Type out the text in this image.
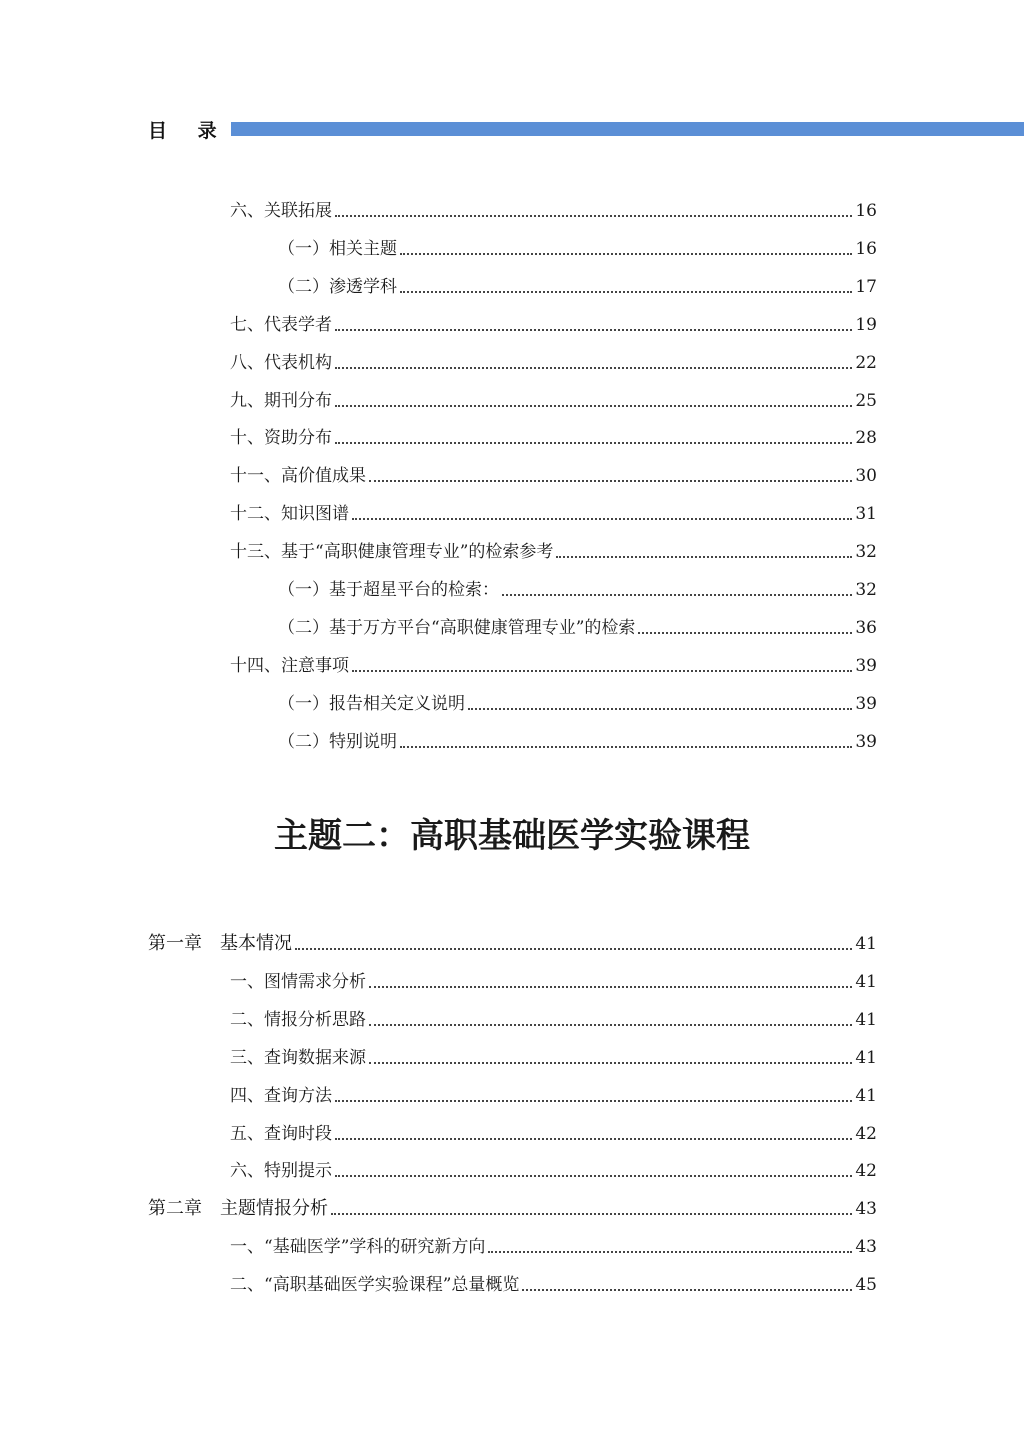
目 录
六、关联拓展	16
（一）相关主题	16
（二）渗透学科	17
七、代表学者	19
八、代表机构	22
九、期刊分布	25
十、资助分布	28
十一、高价值成果	30
十二、知识图谱	31
十三、基于“高职健康管理专业”的检索参考	32
（一）基于超星平台的检索：	32
（二）基于万方平台“高职健康管理专业”的检索	36
十四、注意事项	39
（一）报告相关定义说明	39
（二）特别说明	39
主题二：高职基础医学实验课程
第一章　基本情况	41
一、图情需求分析	41
二、情报分析思路	41
三、查询数据来源	41
四、查询方法	41
五、查询时段	42
六、特别提示	42
第二章　主题情报分析	43
一、“基础医学”学科的研究新方向	43
二、“高职基础医学实验课程”总量概览	45
